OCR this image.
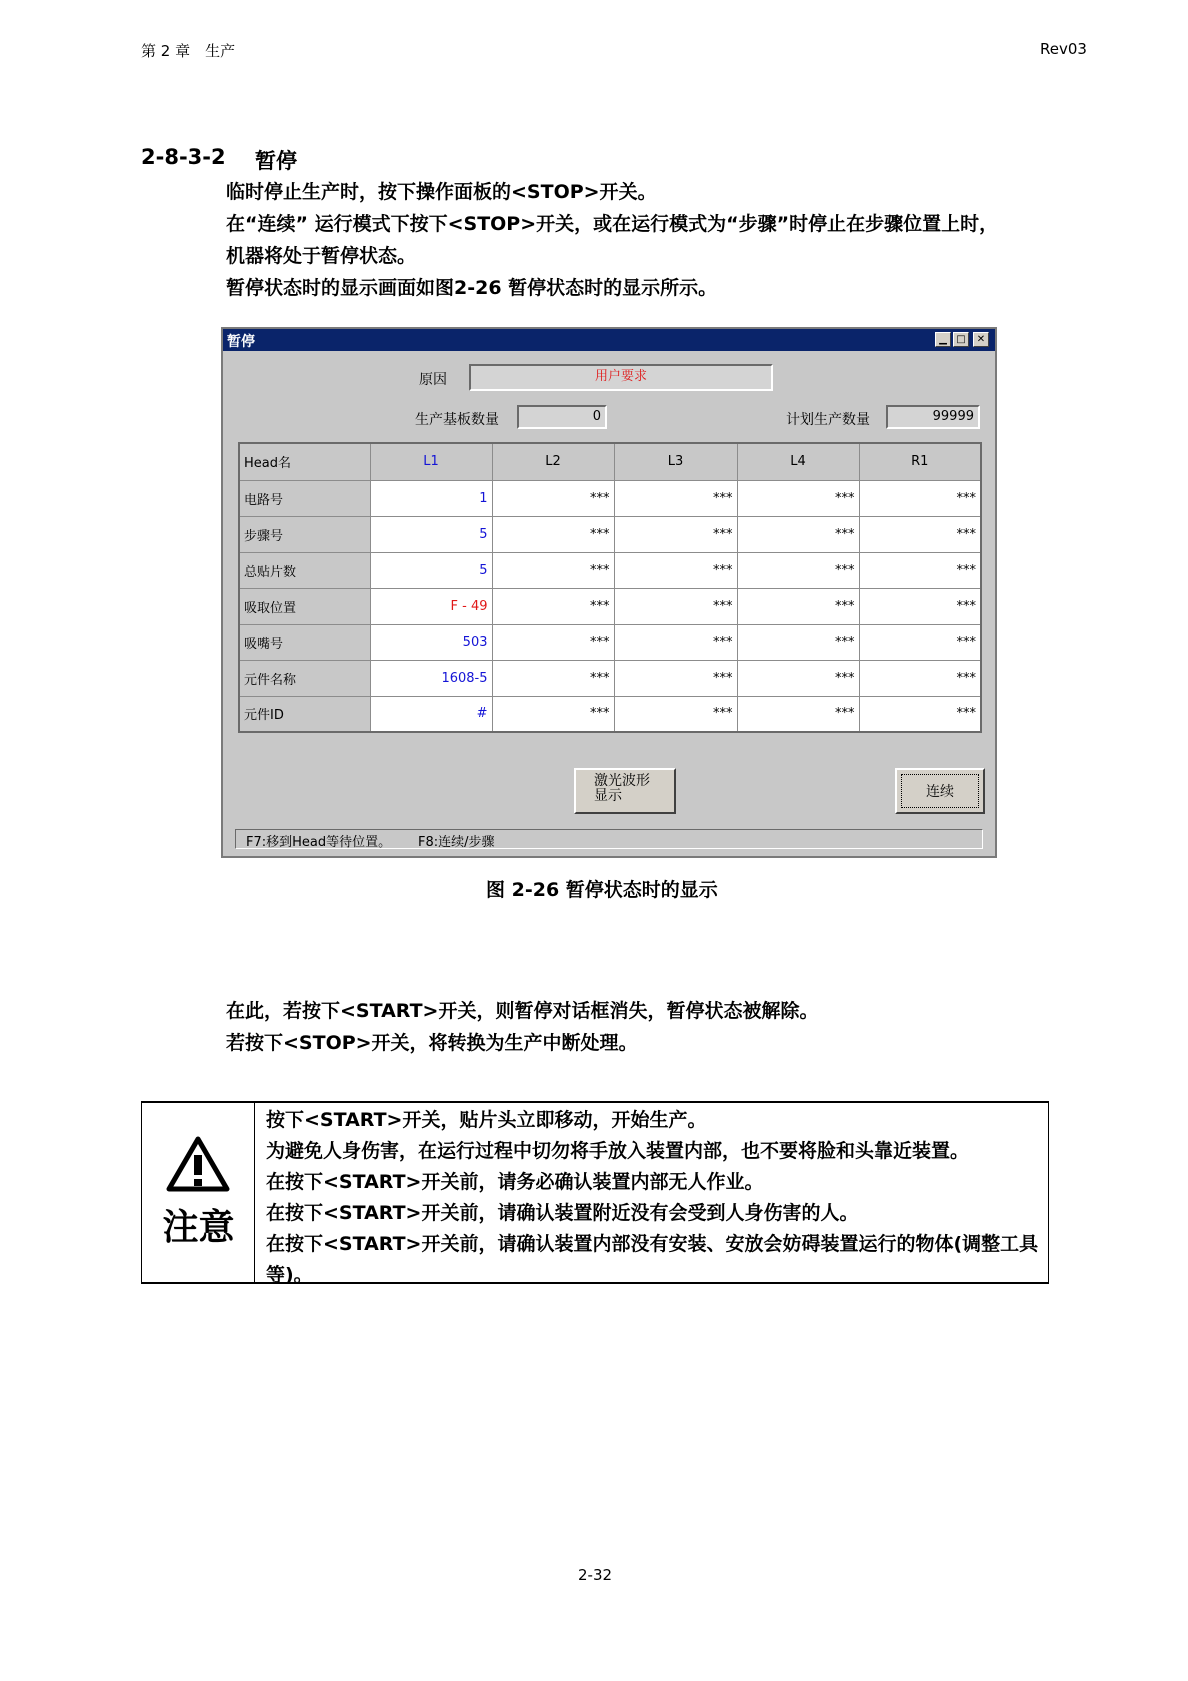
第 2 章　生产	Rev03
2-8-3-2 暂停
临时停止生产时，按下操作面板的<STOP>开关。
在“连续” 运行模式下按下<STOP>开关，或在运行模式为“步骤”时停止在步骤位置上时，
机器将处于暂停状态。
暂停状态时的显示画面如图2-26 暂停状态时的显示所示。
暂停	▁ □	✕
原因	用户要求
生产基板数量	0	计划生产数量	99999
Head名	L1	L2	L3	L4	R1
电路号	1	***	***	***	***
步骤号	5	***	***	***	***
总贴片数	5	***	***	***	***
吸取位置	F - 49	***	***	***	***
吸嘴号	503	***	***	***	***
元件名称	1608-5	***	***	***	***
元件ID	#	***	***	***	***
激光波形
显示	连续
F7:移到Head等待位置。 F8:连续/步骤
图 2-26 暂停状态时的显示
在此，若按下<START>开关，则暂停对话框消失，暂停状态被解除。
若按下<STOP>开关，将转换为生产中断处理。
注意
按下<START>开关，贴片头立即移动，开始生产。
为避免人身伤害，在运行过程中切勿将手放入装置内部，也不要将脸和头靠近装置。
在按下<START>开关前，请务必确认装置内部无人作业。
在按下<START>开关前，请确认装置附近没有会受到人身伤害的人。
在按下<START>开关前，请确认装置内部没有安装、安放会妨碍装置运行的物体(调整工具等)。
2-32
